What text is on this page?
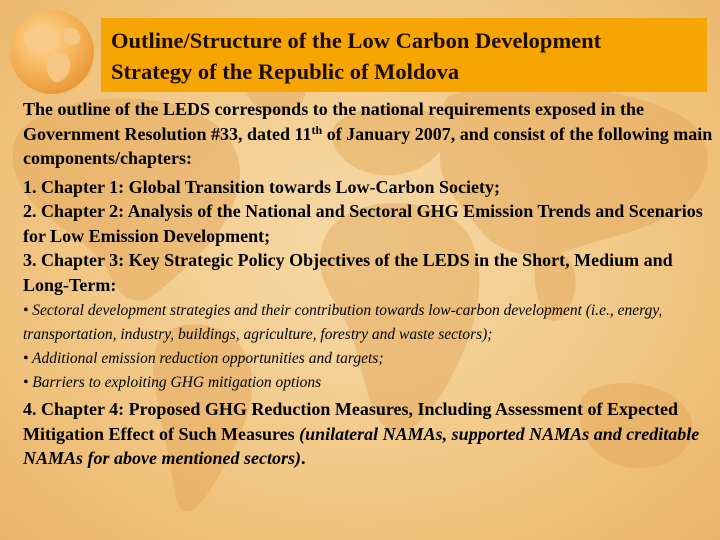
Outline/Structure of the Low Carbon Development
Strategy of the Republic of Moldova

The outline of the LEDS corresponds to the national requirements exposed in the Government Resolution #33, dated 11th of January 2007, and consist of the following main components/chapters:

1. Chapter 1: Global Transition towards Low-Carbon Society;

2. Chapter 2: Analysis of the National and Sectoral GHG Emission Trends and Scenarios for Low Emission Development;

3. Chapter 3: Key Strategic Policy Objectives of the LEDS in the Short, Medium and Long-Term:

• Sectoral development strategies and their contribution towards low-carbon development (i.e., energy, transportation, industry, buildings, agriculture, forestry and waste sectors);

• Additional emission reduction opportunities and targets;

• Barriers to exploiting GHG mitigation options

4. Chapter 4: Proposed GHG Reduction Measures, Including Assessment of Expected Mitigation Effect of Such Measures (unilateral NAMAs, supported NAMAs and creditable NAMAs for above mentioned sectors).
